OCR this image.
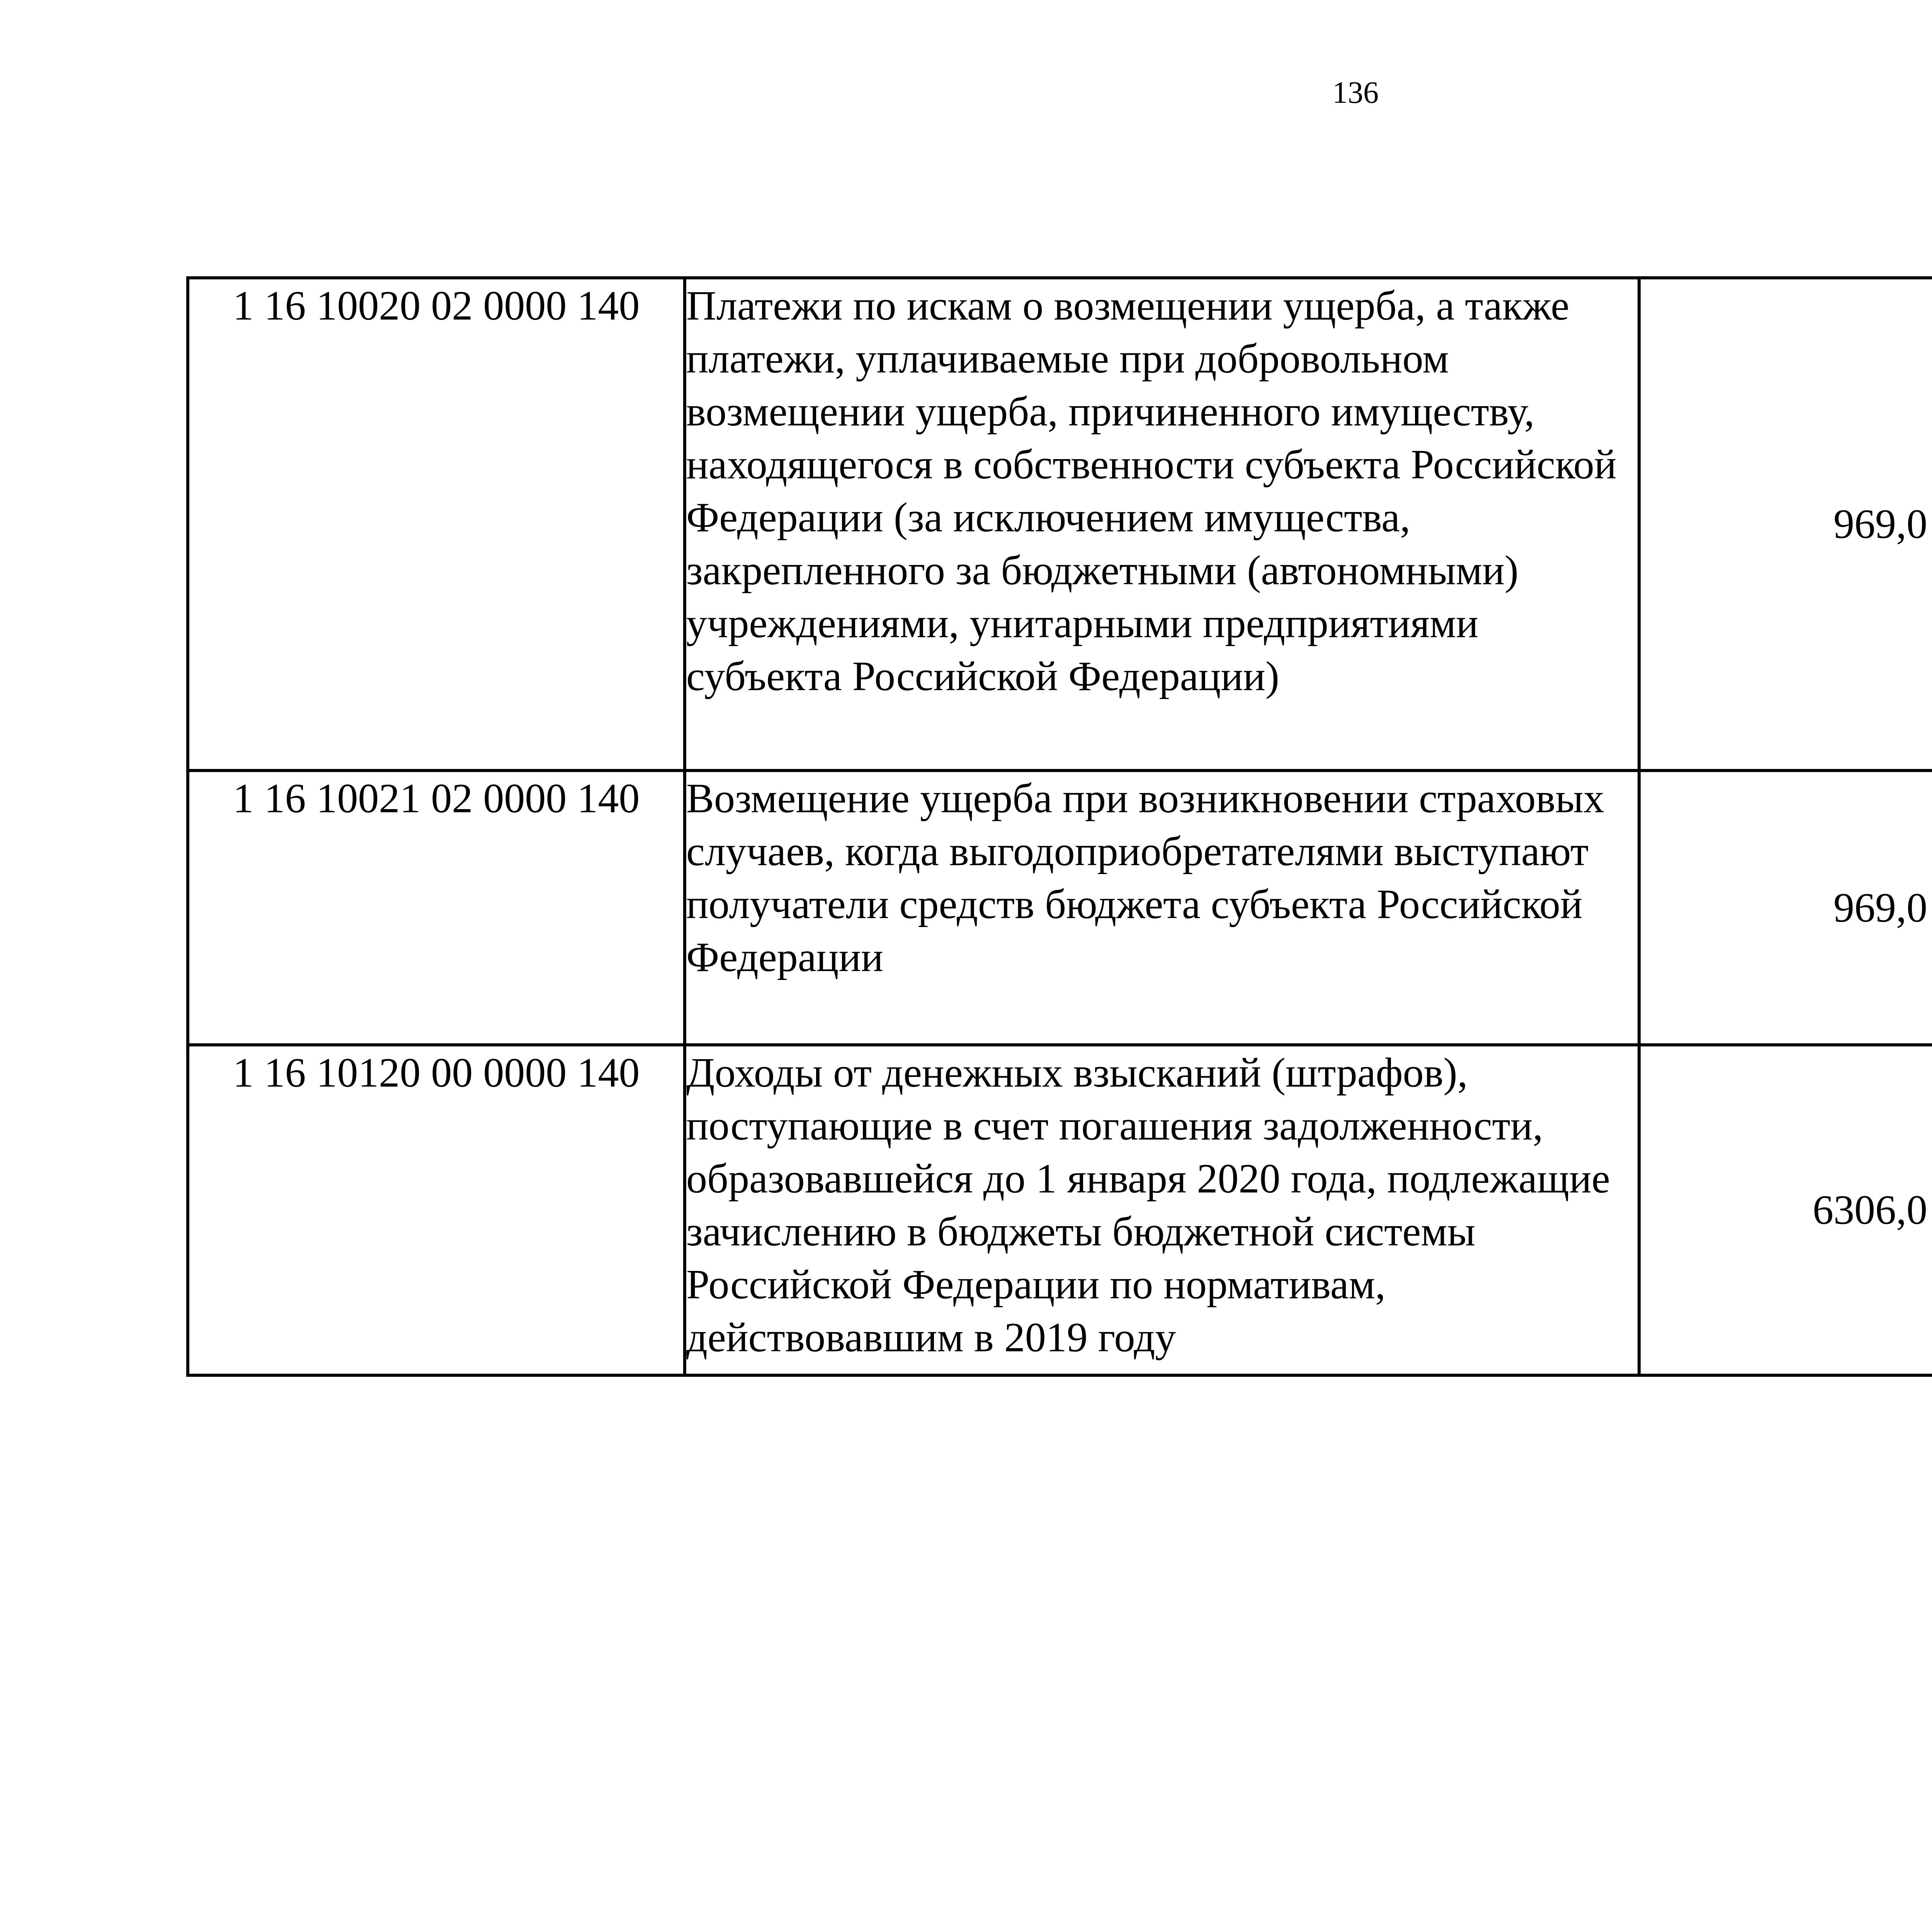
136
1 16 10020 02 0000 140	Платежи по искам о возмещении ущерба, а также платежи, уплачиваемые при добровольном возмещении ущерба, причиненного имуществу, находящегося в собственности субъекта Российской Федерации (за исключением имущества, закрепленного за бюджетными (автономными) учреждениями, унитарными предприятиями субъекта Российской Федерации)	969,0		
1 16 10021 02 0000 140	Возмещение ущерба при возникновении страховых случаев, когда выгодоприобретателями выступают получатели средств бюджета субъекта Российской Федерации	969,0		
1 16 10120 00 0000 140	Доходы от денежных взысканий (штрафов), поступающие в счет погашения задолженности, образовавшейся до 1 января 2020 года, подлежащие зачислению в бюджеты бюджетной системы Российской Федерации по нормативам, действовавшим в 2019 году	6306,0		
